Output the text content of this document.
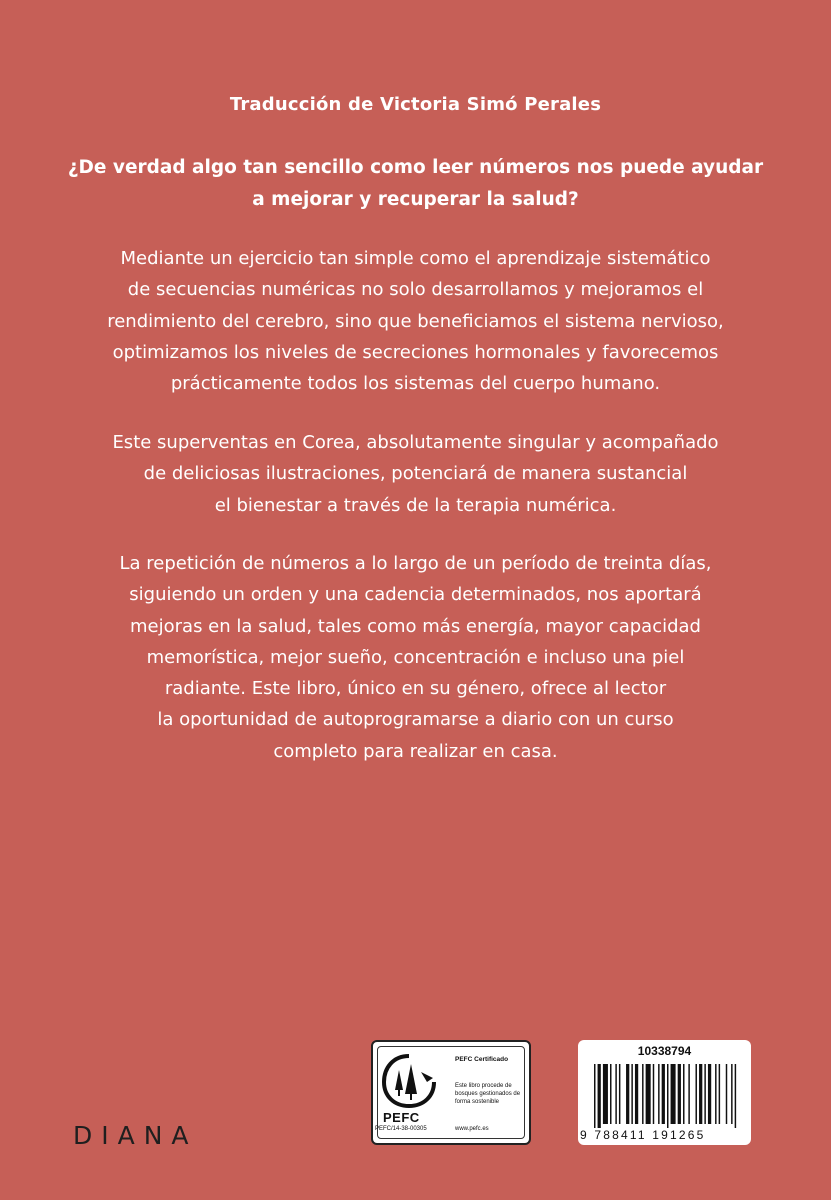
Traducción de Victoria Simó Perales
¿De verdad algo tan sencillo como leer números nos puede ayudar
a mejorar y recuperar la salud?
Mediante un ejercicio tan simple como el aprendizaje sistemático
de secuencias numéricas no solo desarrollamos y mejoramos el
rendimiento del cerebro, sino que beneficiamos el sistema nervioso,
optimizamos los niveles de secreciones hormonales y favorecemos
prácticamente todos los sistemas del cuerpo humano.
Este superventas en Corea, absolutamente singular y acompañado
de deliciosas ilustraciones, potenciará de manera sustancial
el bienestar a través de la terapia numérica.
La repetición de números a lo largo de un período de treinta días,
siguiendo un orden y una cadencia determinados, nos aportará
mejoras en la salud, tales como más energía, mayor capacidad
memorística, mejor sueño, concentración e incluso una piel
radiante. Este libro, único en su género, ofrece al lector
la oportunidad de autoprogramarse a diario con un curso
completo para realizar en casa.
DIANA
PEFC
PEFC/14-38-00305
PEFC Certificado
Este libro procede de bosques gestionados de forma sostenible
www.pefc.es
10338794
9 788411 191265
